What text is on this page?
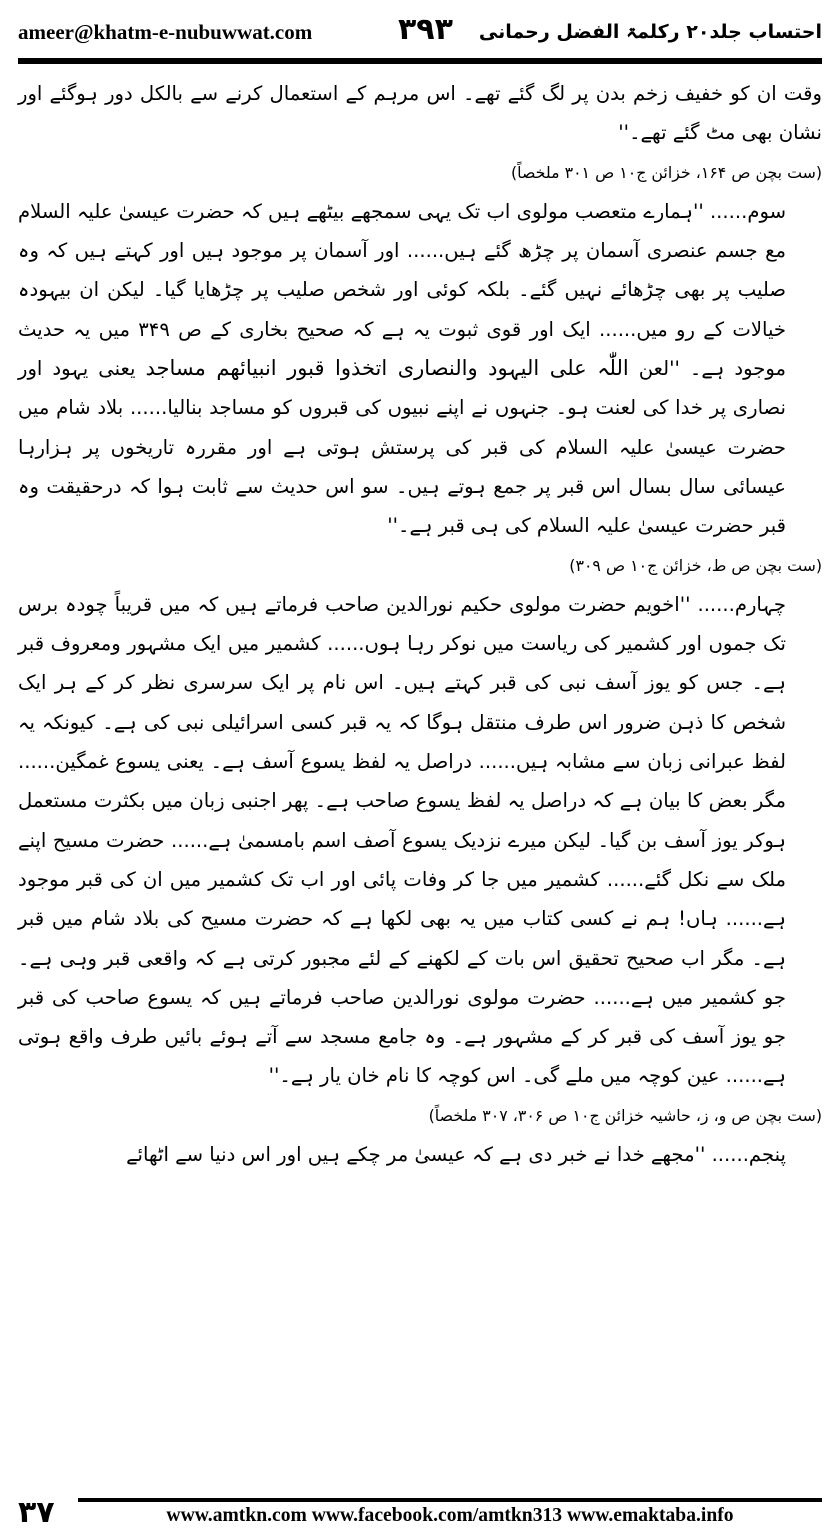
ameer@khatm-e-nubuwwat.com	۳۹۳ احتساب جلد۲۰ رکلمۃ الفضل رحمانی

وقت ان کو خفیف زخم بدن پر لگ گئے تھے۔ اس مرہم کے استعمال کرنے سے بالکل دور ہوگئے اور نشان بھی مٹ گئے تھے۔''

(ست بچن ص ۱۶۴، خزائن ج۱۰ ص ۳۰۱ ملخصاً)

سوم...... ''ہمارے متعصب مولوی اب تک یہی سمجھے بیٹھے ہیں کہ حضرت عیسیٰ علیہ السلام مع جسم عنصری آسمان پر چڑھ گئے ہیں...... اور آسمان پر موجود ہیں اور کہتے ہیں کہ وہ صلیب پر بھی چڑھائے نہیں گئے۔ بلکہ کوئی اور شخص صلیب پر چڑھایا گیا۔ لیکن ان بیہودہ خیالات کے رو میں...... ایک اور قوی ثبوت یہ ہے کہ صحیح بخاری کے ص ۳۴۹ میں یہ حدیث موجود ہے۔ ''لعن اللّٰہ علی الیہود والنصاری اتخذوا قبور انبیائهم مساجد یعنی یہود اور نصاری پر خدا کی لعنت ہو۔ جنہوں نے اپنے نبیوں کی قبروں کو مساجد بنالیا...... بلاد شام میں حضرت عیسیٰ علیہ السلام کی قبر کی پرستش ہوتی ہے اور مقررہ تاریخوں پر ہزارہا عیسائی سال بسال اس قبر پر جمع ہوتے ہیں۔ سو اس حدیث سے ثابت ہوا کہ درحقیقت وہ قبر حضرت عیسیٰ علیہ السلام کی ہی قبر ہے۔''

(ست بچن ص ط، خزائن ج۱۰ ص ۳۰۹)

چہارم...... ''اخویم حضرت مولوی حکیم نورالدین صاحب فرماتے ہیں کہ میں قریباً چودہ برس تک جموں اور کشمیر کی ریاست میں نوکر رہا ہوں...... کشمیر میں ایک مشہور ومعروف قبر ہے۔ جس کو یوز آسف نبی کی قبر کہتے ہیں۔ اس نام پر ایک سرسری نظر کر کے ہر ایک شخص کا ذہن ضرور اس طرف منتقل ہوگا کہ یہ قبر کسی اسرائیلی نبی کی ہے۔ کیونکہ یہ لفظ عبرانی زبان سے مشابہ ہیں...... دراصل یہ لفظ یسوع آسف ہے۔ یعنی یسوع غمگین...... مگر بعض کا بیان ہے کہ دراصل یہ لفظ یسوع صاحب ہے۔ پھر اجنبی زبان میں بکثرت مستعمل ہوکر یوز آسف بن گیا۔ لیکن میرے نزدیک یسوع آصف اسم بامسمیٰ ہے...... حضرت مسیح اپنے ملک سے نکل گئے...... کشمیر میں جا کر وفات پائی اور اب تک کشمیر میں ان کی قبر موجود ہے...... ہاں! ہم نے کسی کتاب میں یہ بھی لکھا ہے کہ حضرت مسیح کی بلاد شام میں قبر ہے۔ مگر اب صحیح تحقیق اس بات کے لکھنے کے لئے مجبور کرتی ہے کہ واقعی قبر وہی ہے۔ جو کشمیر میں ہے...... حضرت مولوی نورالدین صاحب فرماتے ہیں کہ یسوع صاحب کی قبر جو یوز آسف کی قبر کر کے مشہور ہے۔ وہ جامع مسجد سے آتے ہوئے بائیں طرف واقع ہوتی ہے...... عین کوچہ میں ملے گی۔ اس کوچہ کا نام خان یار ہے۔''

(ست بچن ص و، ز، حاشیہ خزائن ج۱۰ ص ۳۰۶، ۳۰۷ ملخصاً)

پنجم...... ''مجھے خدا نے خبر دی ہے کہ عیسیٰ مر چکے ہیں اور اس دنیا سے اٹھائے

۳۷	www.amtkn.com www.facebook.com/amtkn313 www.emaktaba.info
